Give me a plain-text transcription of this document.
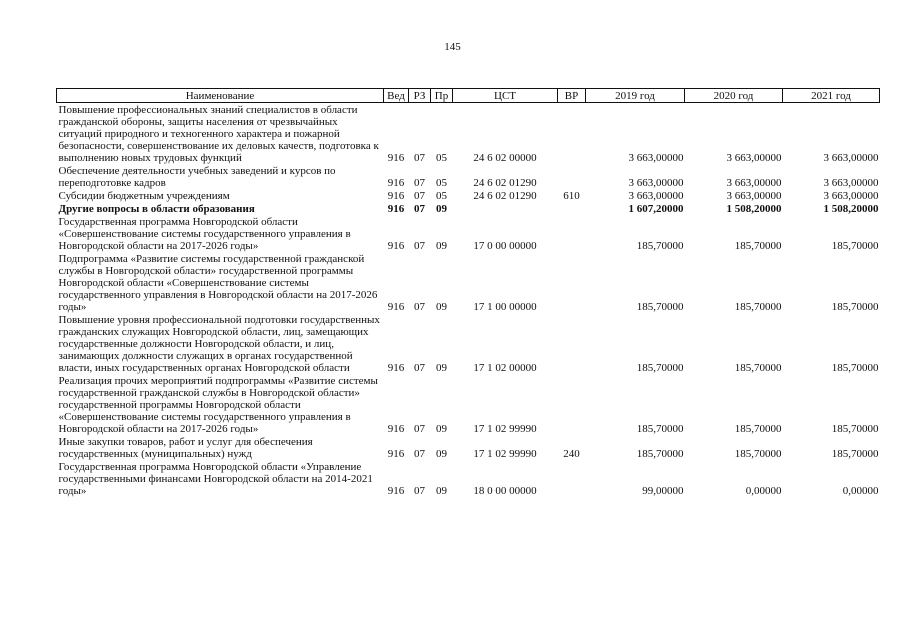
145
Наименование	Вед	РЗ	Пр	ЦСТ	ВР	2019 год	2020 год	2021 год
Повышение профессиональных знаний специалистов в области гражданской обороны, защиты населения от чрезвычайных ситуаций природного и техногенного характера и пожарной безопасности, совершенствование их деловых качеств, подготовка к выполнению новых трудовых функций	916	07	05	24 6 02 00000		3 663,00000	3 663,00000	3 663,00000
Обеспечение деятельности учебных заведений и курсов по переподготовке кадров	916	07	05	24 6 02 01290		3 663,00000	3 663,00000	3 663,00000
Субсидии бюджетным учреждениям	916	07	05	24 6 02 01290	610	3 663,00000	3 663,00000	3 663,00000
Другие вопросы в области образования	916	07	09			1 607,20000	1 508,20000	1 508,20000
Государственная программа Новгородской области «Совершенствование системы государственного управления в Новгородской области на 2017-2026 годы»	916	07	09	17 0 00 00000		185,70000	185,70000	185,70000
Подпрограмма «Развитие системы государственной гражданской службы в Новгородской области» государственной программы Новгородской области «Совершенствование системы государственного управления в Новгородской области на 2017-2026 годы»	916	07	09	17 1 00 00000		185,70000	185,70000	185,70000
Повышение уровня профессиональной подготовки государственных гражданских служащих Новгородской области, лиц, замещающих государственные должности Новгородской области, и лиц, занимающих должности служащих в органах государственной власти, иных государственных органах Новгородской области	916	07	09	17 1 02 00000		185,70000	185,70000	185,70000
Реализация прочих мероприятий подпрограммы «Развитие системы государственной гражданской службы в Новгородской области» государственной программы Новгородской области «Совершенствование системы государственного управления в Новгородской области на 2017-2026 годы»	916	07	09	17 1 02 99990		185,70000	185,70000	185,70000
Иные закупки товаров, работ и услуг для обеспечения государственных (муниципальных) нужд	916	07	09	17 1 02 99990	240	185,70000	185,70000	185,70000
Государственная программа Новгородской области «Управление государственными финансами Новгородской области на 2014-2021 годы»	916	07	09	18 0 00 00000		99,00000	0,00000	0,00000
